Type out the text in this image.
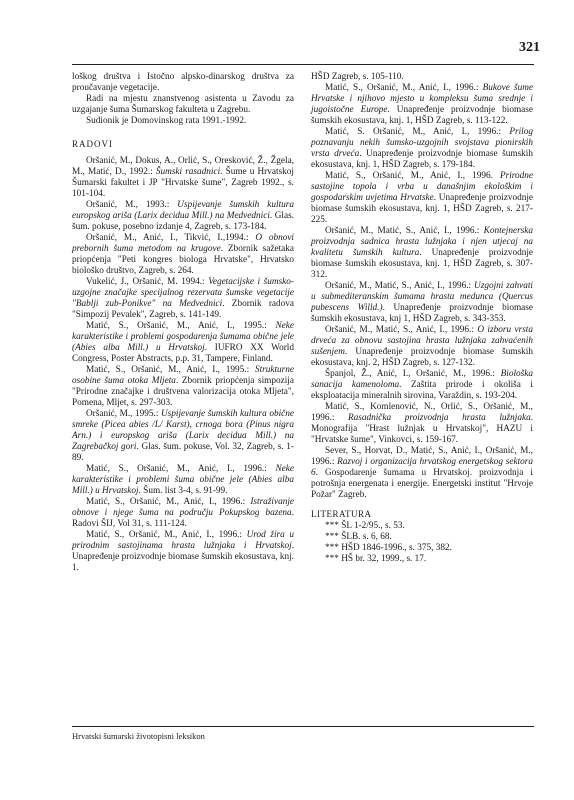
321

loškog društva i Istočno alpsko-dinarskog društva za proučavanje vegetacije.

Radi na mjestu znanstvenog asistenta u Zavodu za uzgajanje šuma Šumarskog fakulteta u Zagrebu.

Sudionik je Domovinskog rata 1991.-1992.

RADOVI

Oršanić, M., Dokus, A., Orlić, S., Oresković, Ž., Žgela, M., Matić, D., 1992.: Šumski rasadnici. Šume u Hrvatskoj Šumarski fakultet i JP "Hrvatske šume", Zagreb 1992., s. 101-104.

Oršanić, M., 1993.: Uspijevanje šumskih kultura europskog ariša (Larix decidua Mill.) na Medvednici. Glas. šum. pokuse, posebno izdanje 4, Zagreb, s. 173-184.

Oršanić, M., Anić, I., Tikvić, I.,1994.: O obnovi prebornih šuma metodom na krugove. Zbornik sažetaka priopćenja "Peti kongres biologa Hrvatske", Hrvatsko biološko društvo, Zagreb, s. 264.

Vukelić, J., Oršanić, M. 1994.: Vegetacijske i šumsko-uzgojne značajke specijalnog rezervata šumske vegetacije "Bablji zub-Ponikve" na Medvednici. Zbornik radova "Simpozij Pevalek", Zagreb, s. 141-149.

Matić, S., Oršanić, M., Anić, I., 1995.: Neke karakteristike i problemi gospodarenja šumama obične jele (Abies alba Mill.) u Hrvatskoj. IUFRO XX World Congress, Poster Abstracts, p.p. 31, Tampere, Finland.

Matić, S., Oršanić, M., Anić, I., 1995.: Strukturne osobine šuma otoka Mljeta. Zbornik priopćenja simpozija "Prirodne značajke i društvena valorizacija otoka Mljeta", Pomena, Mljet, s. 297-303.

Oršanić, M., 1995.: Uspijevanje šumskih kultura obične smreke (Picea abies /L/ Karst), crnoga bora (Pinus nigra Arn.) i europskog ariša (Larix decidua Mill.) na Zagrebačkoj gori. Glas. šum. pokuse, Vol. 32, Zagreb, s. 1-89.

Matić, S., Oršanić, M., Anić, I., 1996.: Neke karakteristike i problemi šuma obične jele (Abies alba Mill.) u Hrvatskoj. Šum. list 3-4, s. 91-99.

Matić, S., Oršanić, M., Anić, I., 1996.: Istraživanje obnove i njege šuma na području Pokupskog bazena. Radovi ŠIJ, Vol 31, s. 111-124.

Matić, S., Oršanić, M., Anić, I., 1996.: Urod žira u prirodnim sastojinama hrasta lužnjaka i Hrvatskoj. Unapređenje proizvodnje biomase šumskih ekosustava, knj. 1.

HŠD Zagreb, s. 105-110.

Matić, S., Oršanić, M., Anić, I., 1996.: Bukove šume Hrvatske i njihovo mjesto u kompleksu šuma srednje i jugoistočne Europe. Unapređenje proizvodnje biomase šumskih ekosustava, knj. 1, HŠD Zagreb, s. 113-122.

Matić, S. Oršanić, M., Anić, I., 1996.: Prilog poznavanju nekih šumsko-uzgojnih svojstava pionirskih vrsta drveća. Unapređenje proizvodnje biomase šumskih ekosustava, knj. 1, HŠD Zagreb, s. 179-184.

Matić, S., Oršanić, M., Anić, I., 1996. Prirodne sastojine topola i vrba u današnjim ekološkim i gospodarskim uvjetima Hrvatske. Unapređenje proizvodnje biomase šumskih ekosustava, knj. 1, HŠD Zagreb, s. 217-225.

Oršanić, M., Matić, S., Anić, I., 1996.: Kontejnerska proizvodnja sadnica hrasta lužnjaka i njen utjecaj na kvalitetu šumskih kultura. Unapređenje proizvodnje biomase šumskih ekosustava, knj. 1, HŠD Zagreb, s. 307-312.

Oršanić, M., Matić, S., Anić, I., 1996.: Uzgojni zahvati u submediteranskim šumama hrasta medunca (Quercus pubescens Willd.). Unapređenje proizvodnje biomase šumskih ekosustava, knj 1, HŠD Zagreb, s. 343-353.

Oršanić, M., Matić, S., Anić, I., 1996.: O izboru vrsta drveća za obnovu sastojina hrasta lužnjaka zahvaćenih sušenjem. Unapređenje proizvodnje biomase šumskih ekosustava, knj. 2, HŠD Zagreb, s. 127-132.

Španjol, Ž., Anić, I., Oršanić, M., 1996.: Biološka sanacija kamenoloma. Zaštita prirode i okoliša i eksploatacija mineralnih sirovina, Varaždin, s. 193-204.

Matić, S., Komlenović, N., Orlić, S., Oršanić, M., 1996.: Rasadnička proizvodnja hrasta lužnjaka. Monografija "Hrast lužnjak u Hrvatskoj", HAZU i "Hrvatske šume", Vinkovci, s. 159-167.

Sever, S., Horvat, D., Matić, S., Anić, I., Oršanić, M., 1996.: Razvoj i organizacija hrvatskog energetskog sektora 6. Gospodarenje šumama u Hrvatskoj. proizvodnja i potrošnja energenata i energije. Energetski institut "Hrvoje Požar" Zagreb.

LITERATURA
*** ŠL 1-2/95., s. 53.
*** ŠLB. s. 6, 68.
*** HŠD 1846-1996., s. 375, 382.
*** HŠ br. 32, 1999., s. 17.
Hrvatski šumarski životopisni leksikon
